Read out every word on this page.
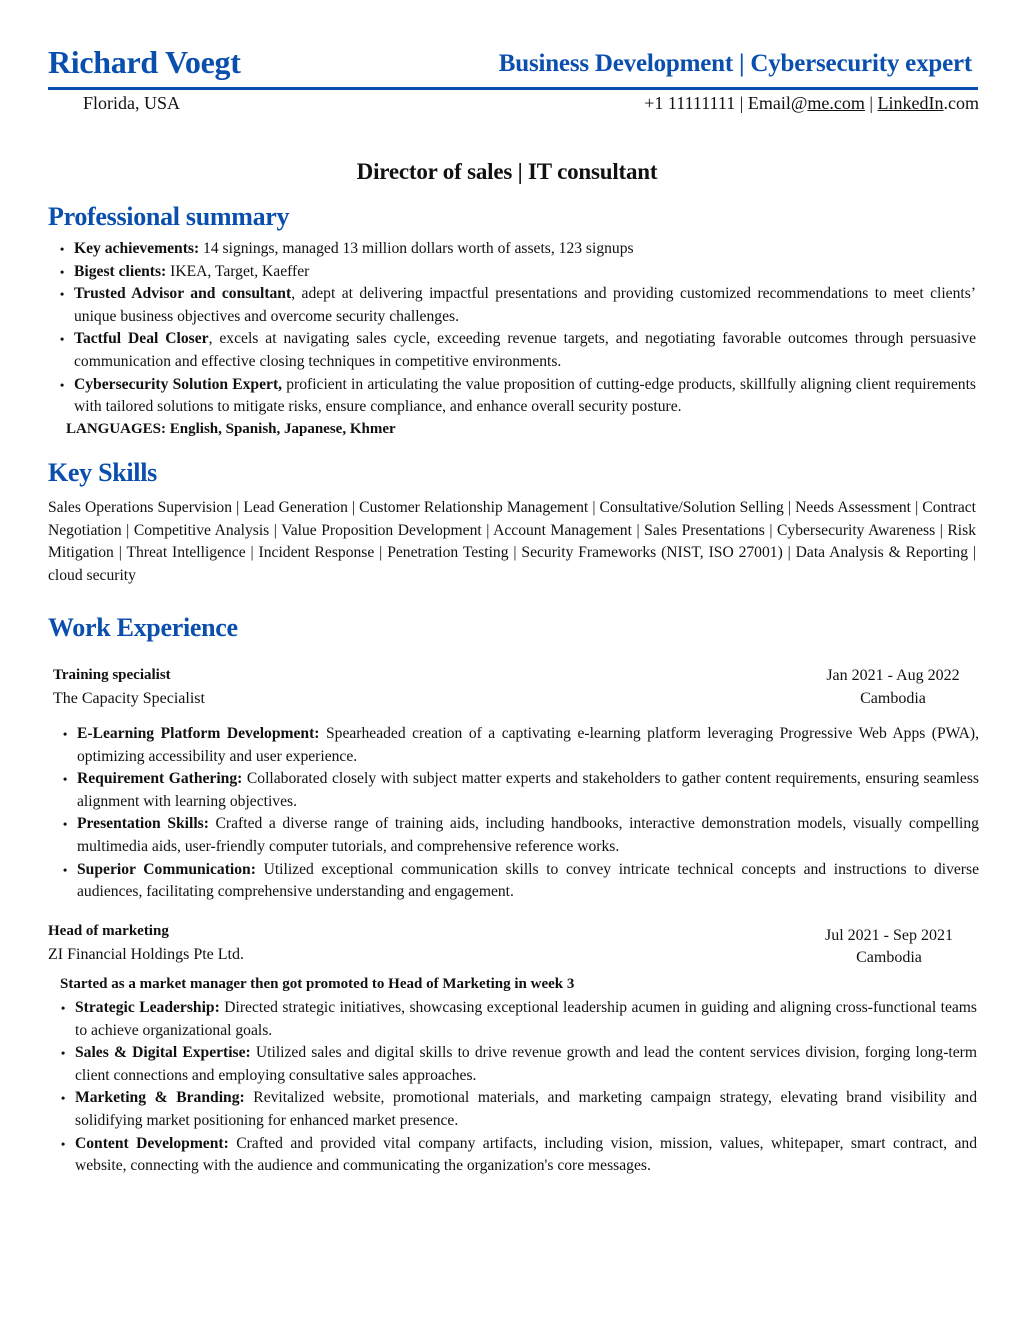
Richard Voegt	Business Development | Cybersecurity expert
Florida, USA	+1 11111111 | Email@me.com | LinkedIn.com
Director of sales | IT consultant
Professional summary
• Key achievements: 14 signings, managed 13 million dollars worth of assets, 123 signups
• Bigest clients: IKEA, Target, Kaeffer
• Trusted Advisor and consultant, adept at delivering impactful presentations and providing customized recommendations to meet clients’ unique business objectives and overcome security challenges.
• Tactful Deal Closer, excels at navigating sales cycle, exceeding revenue targets, and negotiating favorable outcomes through persuasive communication and effective closing techniques in competitive environments.
• Cybersecurity Solution Expert, proficient in articulating the value proposition of cutting-edge products, skillfully aligning client requirements with tailored solutions to mitigate risks, ensure compliance, and enhance overall security posture.
LANGUAGES: English, Spanish, Japanese, Khmer
Key Skills
Sales Operations Supervision | Lead Generation | Customer Relationship Management | Consultative/Solution Selling | Needs Assessment | Contract Negotiation | Competitive Analysis | Value Proposition Development | Account Management | Sales Presentations | Cybersecurity Awareness | Risk Mitigation | Threat Intelligence | Incident Response | Penetration Testing | Security Frameworks (NIST, ISO 27001) | Data Analysis & Reporting | cloud security
Work Experience
Training specialist
The Capacity Specialist
Jan 2021 - Aug 2022
Cambodia
• E-Learning Platform Development: Spearheaded creation of a captivating e-learning platform leveraging Progressive Web Apps (PWA), optimizing accessibility and user experience.
• Requirement Gathering: Collaborated closely with subject matter experts and stakeholders to gather content requirements, ensuring seamless alignment with learning objectives.
• Presentation Skills: Crafted a diverse range of training aids, including handbooks, interactive demonstration models, visually compelling multimedia aids, user-friendly computer tutorials, and comprehensive reference works.
• Superior Communication: Utilized exceptional communication skills to convey intricate technical concepts and instructions to diverse audiences, facilitating comprehensive understanding and engagement.
Head of marketing
ZI Financial Holdings Pte Ltd.
Jul 2021 - Sep 2021
Cambodia
Started as a market manager then got promoted to Head of Marketing in week 3
• Strategic Leadership: Directed strategic initiatives, showcasing exceptional leadership acumen in guiding and aligning cross-functional teams to achieve organizational goals.
• Sales & Digital Expertise: Utilized sales and digital skills to drive revenue growth and lead the content services division, forging long-term client connections and employing consultative sales approaches.
• Marketing & Branding: Revitalized website, promotional materials, and marketing campaign strategy, elevating brand visibility and solidifying market positioning for enhanced market presence.
• Content Development: Crafted and provided vital company artifacts, including vision, mission, values, whitepaper, smart contract, and website, connecting with the audience and communicating the organization's core messages.
